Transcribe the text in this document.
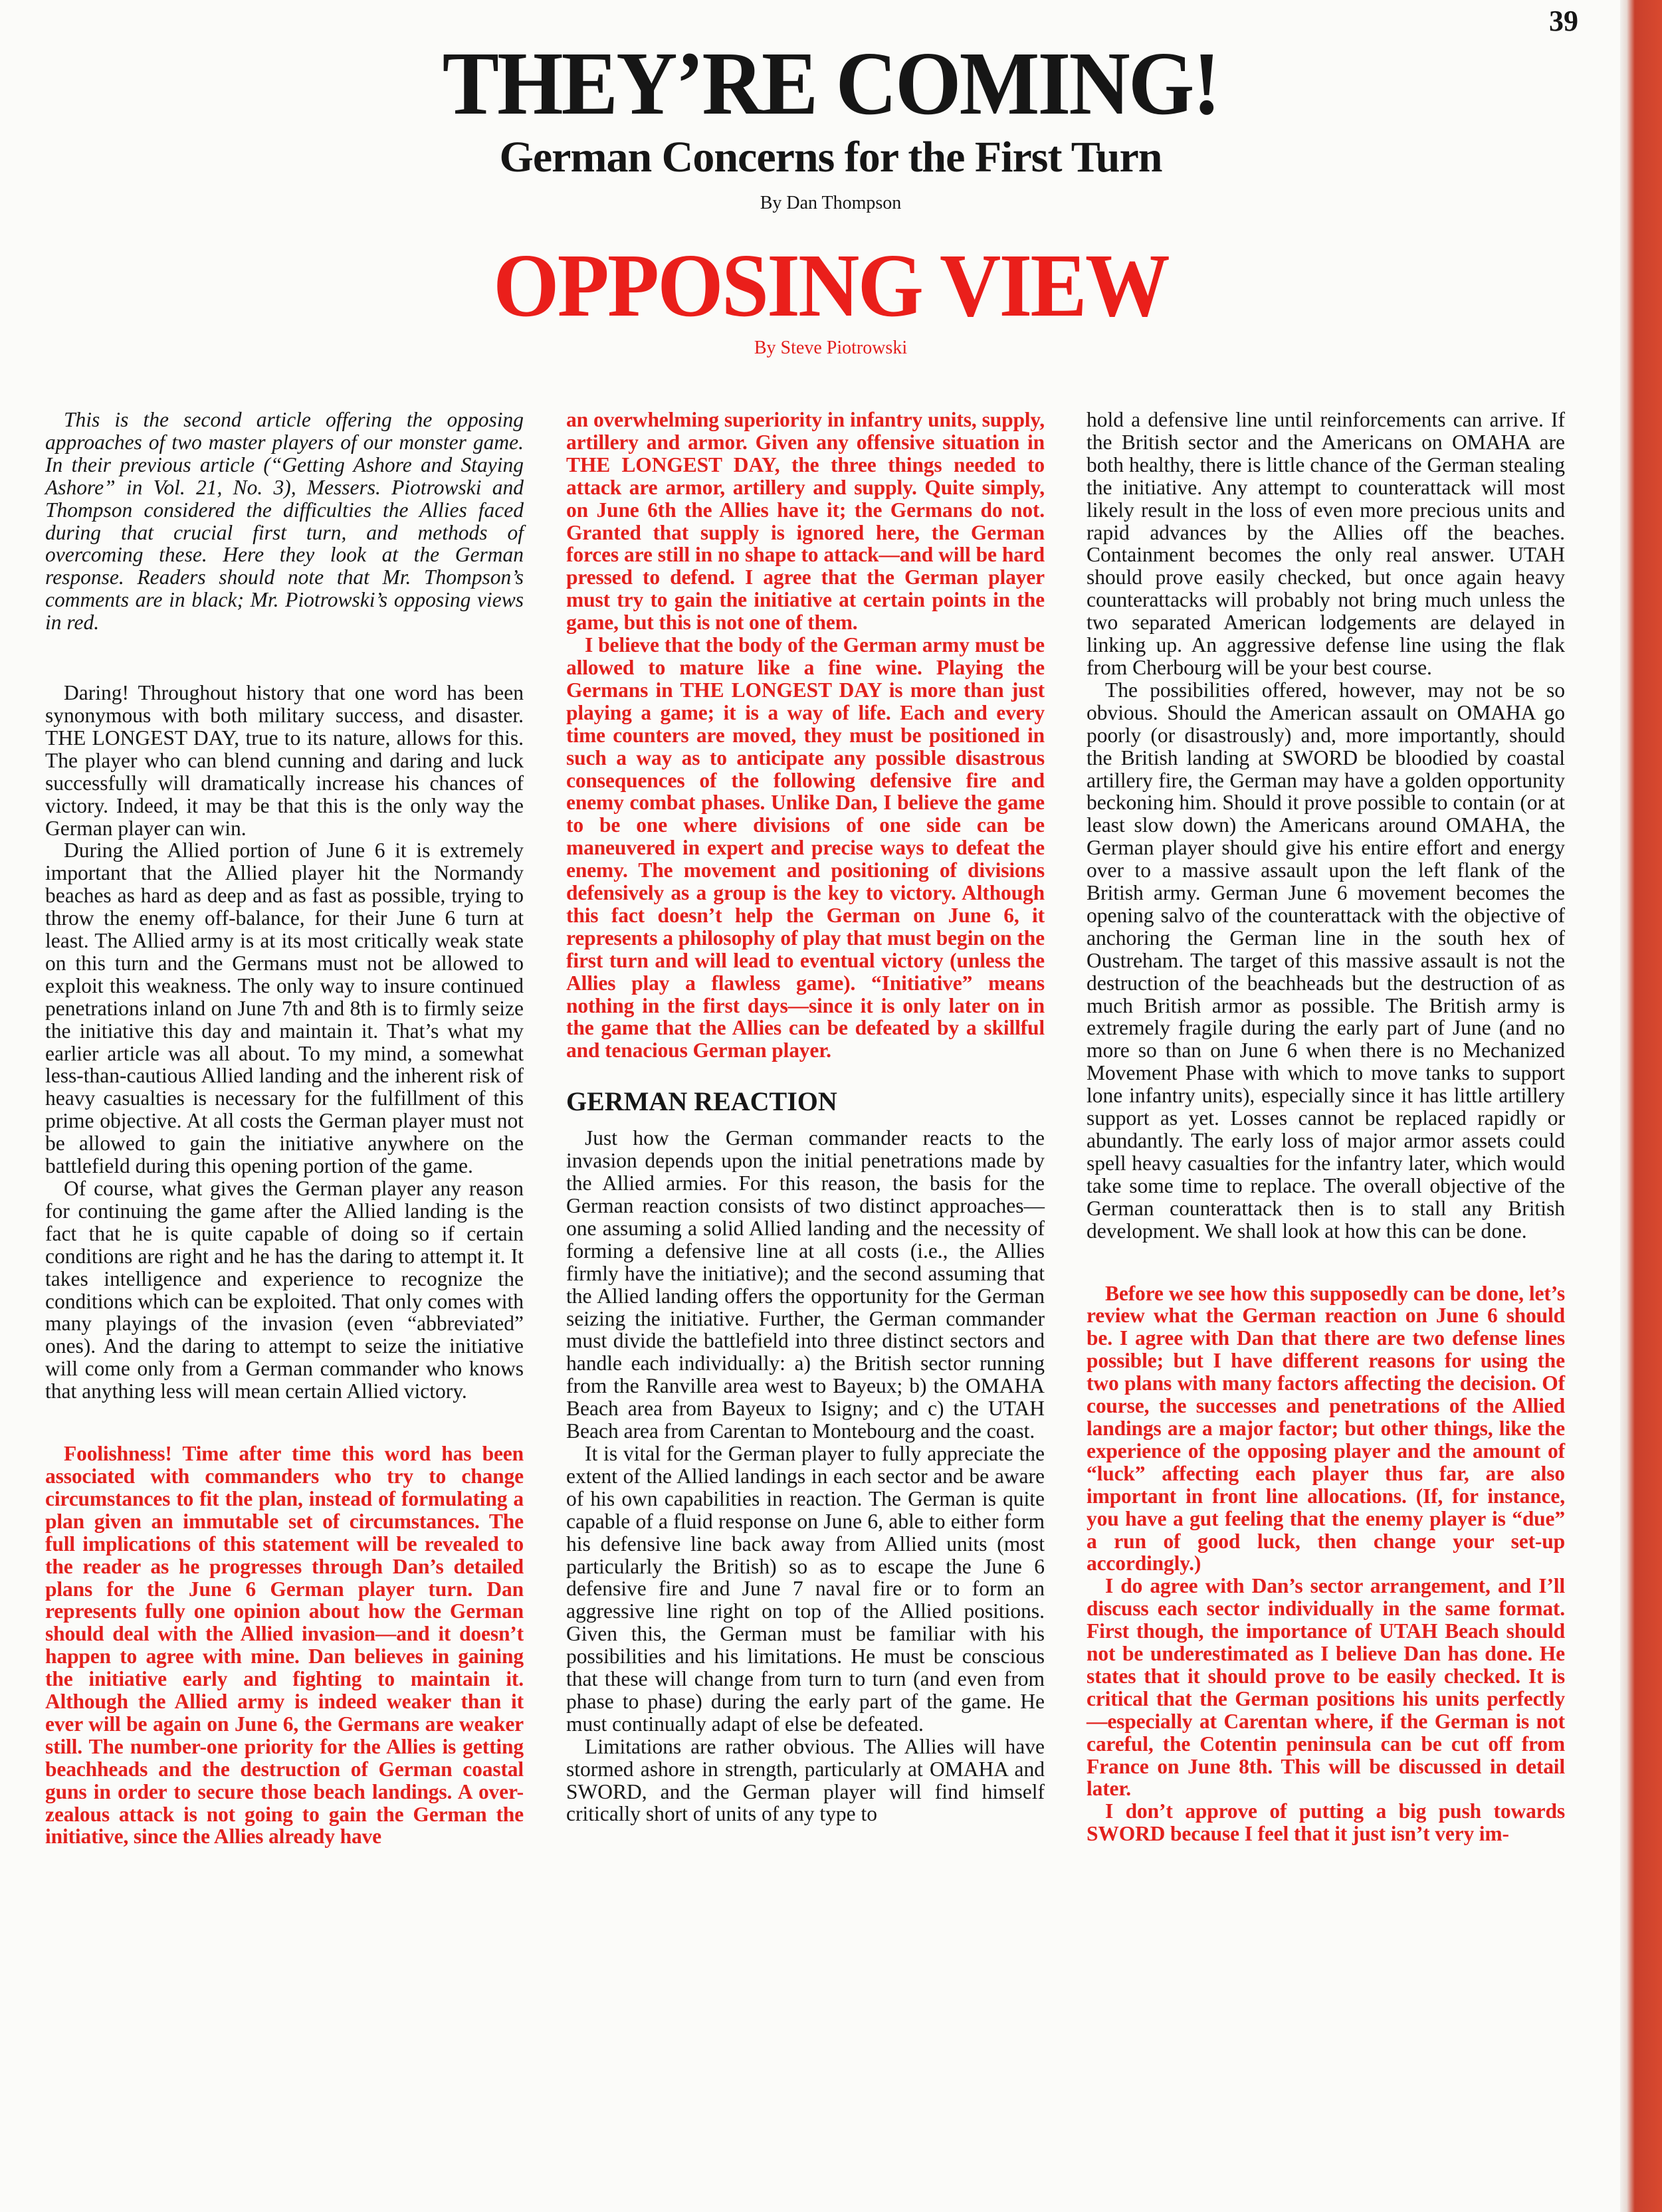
39
THEY’RE COMING!
German Concerns for the First Turn
By Dan Thompson
OPPOSING VIEW
By Steve Piotrowski

This is the second article offering the opposing approaches of two master players of our monster game. In their previous article (“Getting Ashore and Staying Ashore” in Vol. 21, No. 3), Messers. Piotrowski and Thompson considered the difficulties the Allies faced during that crucial first turn, and methods of overcoming these. Here they look at the German response. Readers should note that Mr. Thompson’s comments are in black; Mr. Piotrowski’s opposing views in red.

Daring! Throughout history that one word has been synonymous with both military success, and disaster. THE LONGEST DAY, true to its nature, allows for this. The player who can blend cunning and daring and luck successfully will dramatically increase his chances of victory. Indeed, it may be that this is the only way the German player can win.

During the Allied portion of June 6 it is extremely important that the Allied player hit the Normandy beaches as hard as deep and as fast as possible, trying to throw the enemy off-balance, for their June 6 turn at least. The Allied army is at its most critically weak state on this turn and the Germans must not be allowed to exploit this weakness. The only way to insure continued penetrations inland on June 7th and 8th is to firmly seize the initiative this day and maintain it. That’s what my earlier article was all about. To my mind, a somewhat less-than-cautious Allied landing and the inherent risk of heavy casualties is necessary for the fulfillment of this prime objective. At all costs the German player must not be allowed to gain the initiative anywhere on the battlefield during this opening portion of the game.

Of course, what gives the German player any reason for continuing the game after the Allied landing is the fact that he is quite capable of doing so if certain conditions are right and he has the daring to attempt it. It takes intelligence and experience to recognize the conditions which can be exploited. That only comes with many playings of the invasion (even “abbreviated” ones). And the daring to attempt to seize the initiative will come only from a German commander who knows that anything less will mean certain Allied victory.

Foolishness! Time after time this word has been associated with commanders who try to change circumstances to fit the plan, instead of formulating a plan given an immutable set of circumstances. The full implications of this statement will be revealed to the reader as he progresses through Dan’s detailed plans for the June 6 German player turn. Dan represents fully one opinion about how the German should deal with the Allied invasion—and it doesn’t happen to agree with mine. Dan believes in gaining the initiative early and fighting to maintain it. Although the Allied army is indeed weaker than it ever will be again on June 6, the Germans are weaker still. The number-one priority for the Allies is getting beachheads and the destruction of German coastal guns in order to secure those beach landings. A over-zealous attack is not going to gain the German the initiative, since the Allies already have

an overwhelming superiority in infantry units, supply, artillery and armor. Given any offensive situation in THE LONGEST DAY, the three things needed to attack are armor, artillery and supply. Quite simply, on June 6th the Allies have it; the Germans do not. Granted that supply is ignored here, the German forces are still in no shape to attack—and will be hard pressed to defend. I agree that the German player must try to gain the initiative at certain points in the game, but this is not one of them.

I believe that the body of the German army must be allowed to mature like a fine wine. Playing the Germans in THE LONGEST DAY is more than just playing a game; it is a way of life. Each and every time counters are moved, they must be positioned in such a way as to anticipate any possible disastrous consequences of the following defensive fire and enemy combat phases. Unlike Dan, I believe the game to be one where divisions of one side can be maneuvered in expert and precise ways to defeat the enemy. The movement and positioning of divisions defensively as a group is the key to victory. Although this fact doesn’t help the German on June 6, it represents a philosophy of play that must begin on the first turn and will lead to eventual victory (unless the Allies play a flawless game). “Initiative” means nothing in the first days—since it is only later on in the game that the Allies can be defeated by a skillful and tenacious German player.

GERMAN REACTION

Just how the German commander reacts to the invasion depends upon the initial penetrations made by the Allied armies. For this reason, the basis for the German reaction consists of two distinct approaches—one assuming a solid Allied landing and the necessity of forming a defensive line at all costs (i.e., the Allies firmly have the initiative); and the second assuming that the Allied landing offers the opportunity for the German seizing the initiative. Further, the German commander must divide the battlefield into three distinct sectors and handle each individually: a) the British sector running from the Ranville area west to Bayeux; b) the OMAHA Beach area from Bayeux to Isigny; and c) the UTAH Beach area from Carentan to Montebourg and the coast.

It is vital for the German player to fully appreciate the extent of the Allied landings in each sector and be aware of his own capabilities in reaction. The German is quite capable of a fluid response on June 6, able to either form his defensive line back away from Allied units (most particularly the British) so as to escape the June 6 defensive fire and June 7 naval fire or to form an aggressive line right on top of the Allied positions. Given this, the German must be familiar with his possibilities and his limitations. He must be conscious that these will change from turn to turn (and even from phase to phase) during the early part of the game. He must continually adapt of else be defeated.

Limitations are rather obvious. The Allies will have stormed ashore in strength, particularly at OMAHA and SWORD, and the German player will find himself critically short of units of any type to

hold a defensive line until reinforcements can arrive. If the British sector and the Americans on OMAHA are both healthy, there is little chance of the German stealing the initiative. Any attempt to counterattack will most likely result in the loss of even more precious units and rapid advances by the Allies off the beaches. Containment becomes the only real answer. UTAH should prove easily checked, but once again heavy counterattacks will probably not bring much unless the two separated American lodgements are delayed in linking up. An aggressive defense line using the flak from Cherbourg will be your best course.

The possibilities offered, however, may not be so obvious. Should the American assault on OMAHA go poorly (or disastrously) and, more importantly, should the British landing at SWORD be bloodied by coastal artillery fire, the German may have a golden opportunity beckoning him. Should it prove possible to contain (or at least slow down) the Americans around OMAHA, the German player should give his entire effort and energy over to a massive assault upon the left flank of the British army. German June 6 movement becomes the opening salvo of the counterattack with the objective of anchoring the German line in the south hex of Oustreham. The target of this massive assault is not the destruction of the beachheads but the destruction of as much British armor as possible. The British army is extremely fragile during the early part of June (and no more so than on June 6 when there is no Mechanized Movement Phase with which to move tanks to support lone infantry units), especially since it has little artillery support as yet. Losses cannot be replaced rapidly or abundantly. The early loss of major armor assets could spell heavy casualties for the infantry later, which would take some time to replace. The overall objective of the German counterattack then is to stall any British development. We shall look at how this can be done.

Before we see how this supposedly can be done, let’s review what the German reaction on June 6 should be. I agree with Dan that there are two defense lines possible; but I have different reasons for using the two plans with many factors affecting the decision. Of course, the successes and penetrations of the Allied landings are a major factor; but other things, like the experience of the opposing player and the amount of “luck” affecting each player thus far, are also important in front line allocations. (If, for instance, you have a gut feeling that the enemy player is “due” a run of good luck, then change your set-up accordingly.)

I do agree with Dan’s sector arrangement, and I’ll discuss each sector individually in the same format. First though, the importance of UTAH Beach should not be underestimated as I believe Dan has done. He states that it should prove to be easily checked. It is critical that the German positions his units perfectly—especially at Carentan where, if the German is not careful, the Cotentin peninsula can be cut off from France on June 8th. This will be discussed in detail later.

I don’t approve of putting a big push towards SWORD because I feel that it just isn’t very im-
